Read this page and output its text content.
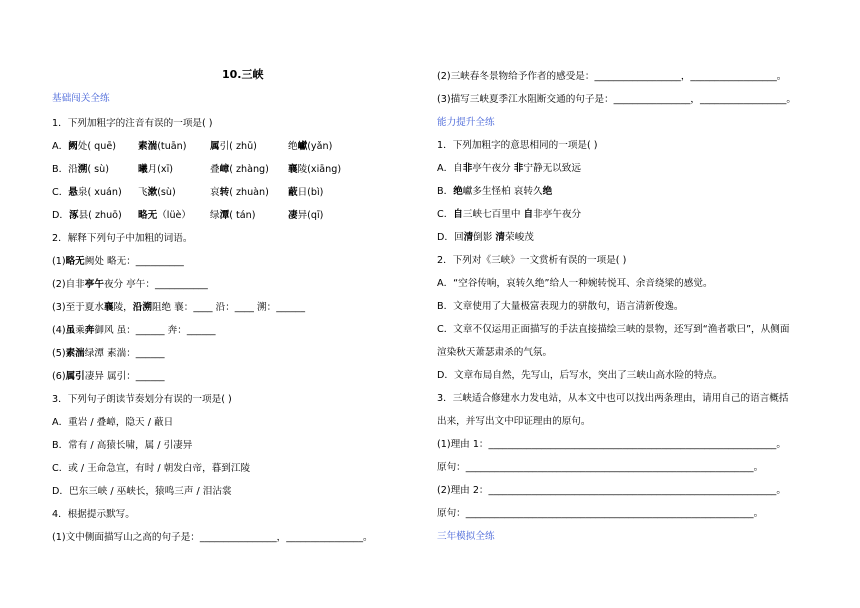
10.三峡
基础闯关全练
1．下列加粗字的注音有误的一项是( )
A．阙处( quē) 素湍(tuān) 属引( zhǔ)	绝巘(yǎn)
B．沿溯( sù)	曦月(xī)	叠嶂( zhàng) 襄陵(xiāng)
C．悬泉( xuán) 飞漱(sù)	哀转( zhuàn) 蔽日(bì)
D．涿县( zhuō) 略无（lüè） 绿潭( tán)	凄异(qī)
2．解释下列句子中加粗的词语。
(1)略无阙处 略无：__________
(2)自非亭午夜分 亭午：___________
(3)至于夏水襄陵，沿溯阻绝 襄：____ 沿：____ 溯：______
(4)虽乘奔御风 虽：______ 奔：______
(5)素湍绿潭 素湍：______
(6)属引凄异 属引：______
3．下列句子朗读节奏划分有误的一项是( )
A．重岩 / 叠嶂，隐天 / 蔽日
B．常有 / 高猿长啸，属 / 引凄异
C．或 / 王命急宣，有时 / 朝发白帝，暮到江陵
D．巴东三峡 / 巫峡长，猿鸣三声 / 泪沾裳
4．根据提示默写。
(1)文中侧面描写山之高的句子是：________________，________________。
(2)三峡春冬景物给予作者的感受是：__________________，__________________。
(3)描写三峡夏季江水阻断交通的句子是：________________，__________________。
能力提升全练
1．下列加粗字的意思相同的一项是( )
A．自非亭午夜分 非宁静无以致远
B．绝巘多生怪柏 哀转久绝
C．自三峡七百里中 自非亭午夜分
D．回清倒影 清荣峻茂
2．下列对《三峡》一文赏析有误的一项是( )
A．“空谷传响，哀转久绝”给人一种婉转悦耳、余音绕梁的感觉。
B．文章使用了大量极富表现力的骈散句，语言清新俊逸。
C．文章不仅运用正面描写的手法直接描绘三峡的景物，还写到“渔者歌曰”，从侧面
渲染秋天萧瑟肃杀的气氛。
D．文章布局自然，先写山，后写水，突出了三峡山高水险的特点。
3．三峡适合修建水力发电站，从本文中也可以找出两条理由，请用自己的语言概括
出来，并写出文中印证理由的原句。
(1)理由 1：____________________________________________________________。
原句：____________________________________________________________。
(2)理由 2：____________________________________________________________。
原句：____________________________________________________________。
三年模拟全练
